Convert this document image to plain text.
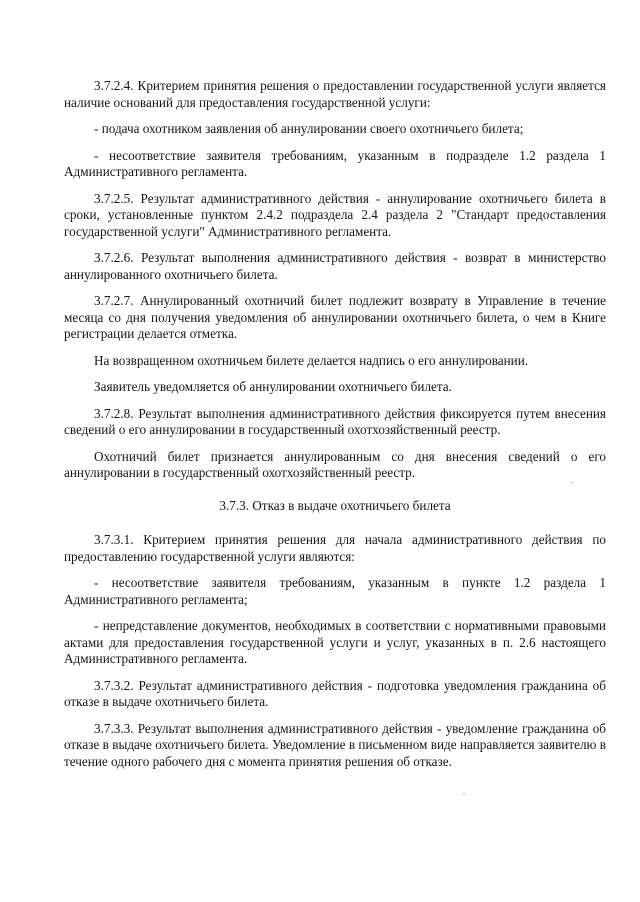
3.7.2.4. Критерием принятия решения о предоставлении государственной услуги является наличие оснований для предоставления государственной услуги:

- подача охотником заявления об аннулировании своего охотничьего билета;

- несоответствие заявителя требованиям, указанным в подразделе 1.2 раздела 1 Административного регламента.

3.7.2.5. Результат административного действия - аннулирование охотничьего билета в сроки, установленные пунктом 2.4.2 подраздела 2.4 раздела 2 "Стандарт предоставления государственной услуги" Административного регламента.

3.7.2.6. Результат выполнения административного действия - возврат в министерство аннулированного охотничьего билета.

3.7.2.7. Аннулированный охотничий билет подлежит возврату в Управление в течение месяца со дня получения уведомления об аннулировании охотничьего билета, о чем в Книге регистрации делается отметка.

На возвращенном охотничьем билете делается надпись о его аннулировании.

Заявитель уведомляется об аннулировании охотничьего билета.

3.7.2.8. Результат выполнения административного действия фиксируется путем внесения сведений о его аннулировании в государственный охотхозяйственный реестр.

Охотничий билет признается аннулированным со дня внесения сведений о его аннулировании в государственный охотхозяйственный реестр.

3.7.3. Отказ в выдаче охотничьего билета

3.7.3.1. Критерием принятия решения для начала административного действия по предоставлению государственной услуги являются:

- несоответствие заявителя требованиям, указанным в пункте 1.2 раздела 1 Административного регламента;

- непредставление документов, необходимых в соответствии с нормативными правовыми актами для предоставления государственной услуги и услуг, указанных в п. 2.6 настоящего Административного регламента.

3.7.3.2. Результат административного действия - подготовка уведомления гражданина об отказе в выдаче охотничьего билета.

3.7.3.3. Результат выполнения административного действия - уведомление гражданина об отказе в выдаче охотничьего билета. Уведомление в письменном виде направляется заявителю в течение одного рабочего дня с момента принятия решения об отказе.
